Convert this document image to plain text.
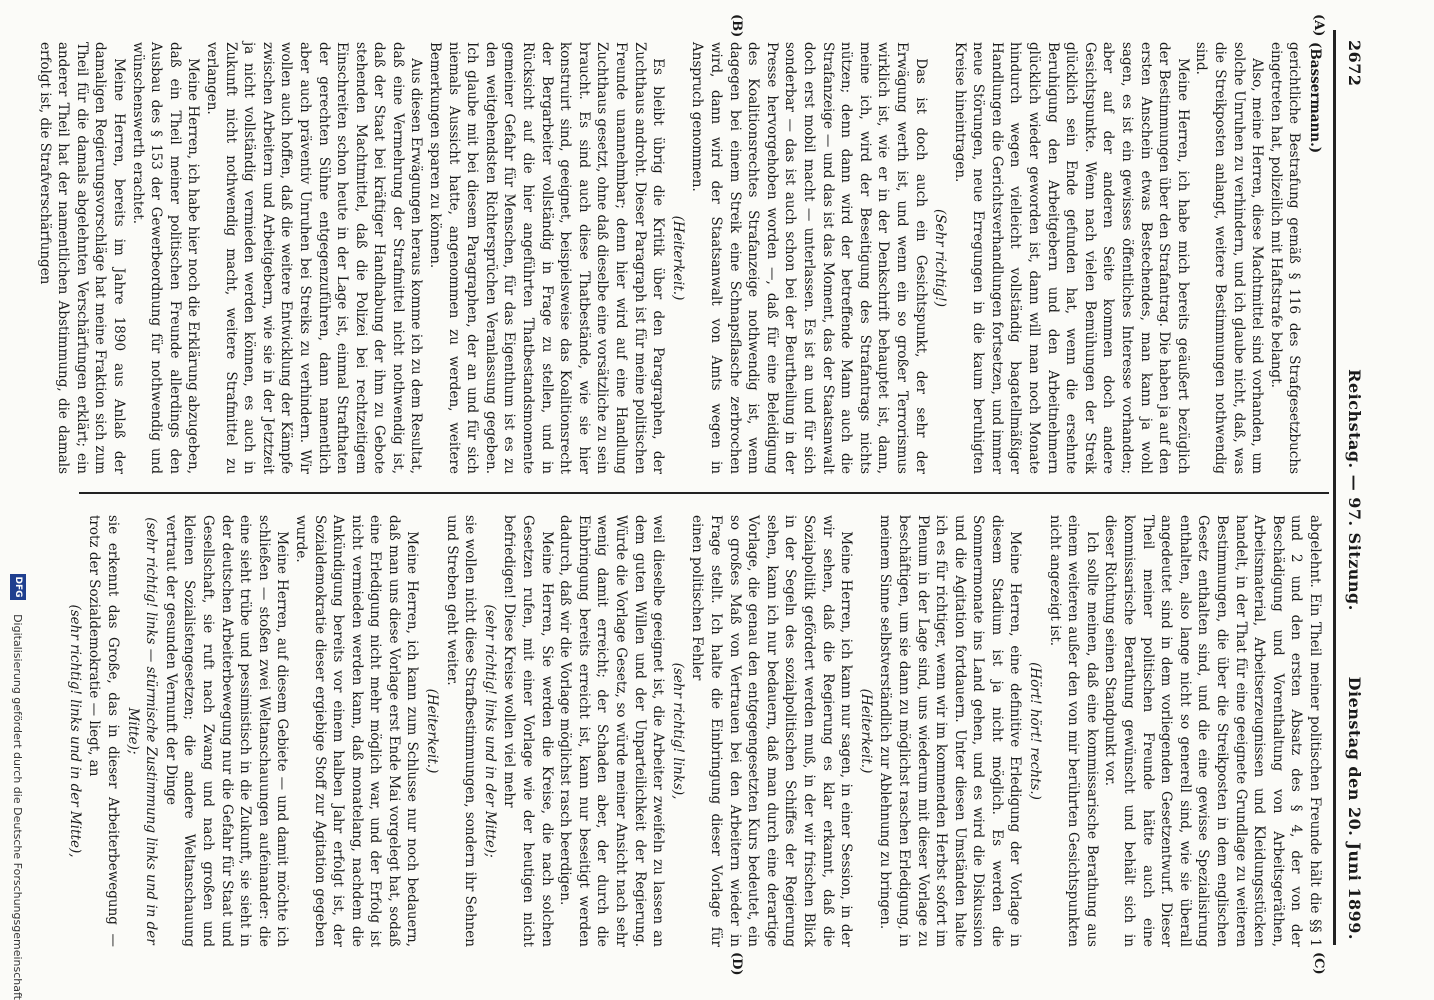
2672
Reichstag. — 97. Sitzung.
Dienstag den 20. Juni 1899.
(A)
(B)
(C)
(D)

(Bassermann.)

gerichtliche Bestrafung gemäß § 116 des Strafgesetzbuchs eingetreten hat, polizeilich mit Haftstrafe belangt.

Also, meine Herren, diese Machtmittel sind vorhanden, um solche Unruhen zu verhindern, und ich glaube nicht, daß, was die Streikposten anlangt, weitere Bestimmungen nothwendig sind.

Meine Herren, ich habe mich bereits geäußert bezüglich der Bestimmungen über den Strafantrag. Die haben ja auf den ersten Anschein etwas Bestechendes, man kann ja wohl sagen, es ist ein gewisses öffentliches Interesse vorhanden; aber auf der anderen Seite kommen doch andere Gesichtspunkte. Wenn nach vielen Bemühungen der Streik glücklich sein Ende gefunden hat, wenn die ersehnte Beruhigung den Arbeitgebern und den Arbeitnehmern glücklich wieder geworden ist, dann will man noch Monate hindurch wegen vielleicht vollständig bagatellmäßiger Handlungen die Gerichtsverhandlungen fortsetzen, und immer neue Störungen, neue Erregungen in die kaum beruhigten Kreise hineintragen.

(Sehr richtig!)

Das ist doch auch ein Gesichtspunkt, der sehr der Erwägung werth ist, und wenn ein so großer Terrorismus wirklich ist, wie er in der Denkschrift behauptet ist, dann, meine ich, wird der Beseitigung des Strafantrags nichts nützen; denn dann wird der betreffende Mann auch die Strafanzeige — und das ist das Moment, das der Staatsanwalt doch erst mobil macht — unterlassen. Es ist an und für sich sonderbar — das ist auch schon bei der Beurtheilung in der Presse hervorgehoben worden —, daß für eine Beleidigung des Koalitionsrechtes Strafanzeige nothwendig ist, wenn dagegen bei einem Streik eine Schnapsflasche zerbrochen wird, dann wird der Staatsanwalt von Amts wegen in Anspruch genommen.

(Heiterkeit.)

Es bleibt übrig die Kritik über den Paragraphen, der Zuchthaus androht. Dieser Paragraph ist für meine politischen Freunde unannehmbar; denn hier wird auf eine Handlung Zuchthaus gesetzt, ohne daß dieselbe eine vorsätzliche zu sein braucht. Es sind auch diese Thatbestände, wie sie hier konstruirt sind, geeignet, beispielsweise das Koalitionsrecht der Bergarbeiter vollständig in Frage zu stellen, und in Rücksicht auf die hier angeführten Thatbestandsmomente gemeiner Gefahr für Menschen, für das Eigenthum ist es zu den weitgehendsten Richtersprüchen Veranlassung gegeben. Ich glaube mit bei diesem Paragraphen, der an und für sich niemals Aussicht hatte, angenommen zu werden, weitere Bemerkungen sparen zu können.

Aus diesen Erwägungen heraus komme ich zu dem Resultat, daß eine Vermehrung der Strafmittel nicht nothwendig ist, daß der Staat bei kräftiger Handhabung der ihm zu Gebote stehenden Machtmittel, daß die Polizei bei rechtzeitigem Einschreiten schon heute in der Lage ist, einmal Strafthaten der gerechten Sühne entgegenzuführen, dann namentlich aber auch präventiv Unruhen bei Streiks zu verhindern. Wir wollen auch hoffen, daß die weitere Entwicklung der Kämpfe zwischen Arbeitern und Arbeitgebern, wie sie in der Jetztzeit ja nicht vollständig vermieden werden können, es auch in Zukunft nicht nothwendig macht, weitere Strafmittel zu verlangen.

Meine Herren, ich habe hier noch die Erklärung abzugeben, daß ein Theil meiner politischen Freunde allerdings den Ausbau des § 153 der Gewerbeordnung für nothwendig und wünschenswerth erachtet.

Meine Herren, bereits im Jahre 1890 aus Anlaß der damaligen Regierungsvorschläge hat meine Fraktion sich zum Theil für die damals abgelehnten Verschärfungen erklärt; ein anderer Theil hat der namentlichen Abstimmung, die damals erfolgt ist, die Strafverschärfungen

abgelehnt. Ein Theil meiner politischen Freunde hält die §§ 1 und 2 und den ersten Absatz des § 4, der von der Beschädigung und Vorenthaltung von Arbeitsgeräthen, Arbeitsmaterial, Arbeitserzeugnissen und Kleidungsstücken handelt, in der That für eine geeignete Grundlage zu weiteren Bestimmungen, die über die Streikposten in dem englischen Gesetz enthalten sind, und die eine gewisse Spezialisirung enthalten, also lange nicht so generell sind, wie sie überall angedeutet sind in dem vorliegenden Gesetzentwurf. Dieser Theil meiner politischen Freunde hätte auch eine kommissarische Berathung gewünscht und behält sich in dieser Richtung seinen Standpunkt vor.

Ich sollte meinen, daß eine kommissarische Berathung aus einem weiteren außer den von mir berührten Gesichtspunkten nicht angezeigt ist.

(Hört! hört! rechts.)

Meine Herren, eine definitive Erledigung der Vorlage in diesem Stadium ist ja nicht möglich. Es werden die Sommermonate ins Land gehen, und es wird die Diskussion und die Agitation fortdauern. Unter diesen Umständen halte ich es für richtiger, wenn wir im kommenden Herbst sofort im Plenum in der Lage sind, uns wiederum mit dieser Vorlage zu beschäftigen, um sie dann zu möglichst raschen Erledigung, in meinem Sinne selbstverständlich zur Ablehnung zu bringen.

(Heiterkeit.)

Meine Herren, ich kann nur sagen, in einer Session, in der wir sehen, daß die Regierung es klar erkannt, daß die Sozialpolitik gefördert werden muß, in der wir frischen Blick in der Segeln des sozialpolitischen Schiffes der Regierung sehen, kann ich nur bedauern, daß man durch eine derartige Vorlage, die genau den entgegengesetzten Kurs bedeutet, ein so großes Maß von Vertrauen bei den Arbeitern wieder in Frage stellt. Ich halte die Einbringung dieser Vorlage für einen politischen Fehler

(sehr richtig! links),

weil dieselbe geeignet ist, die Arbeiter zweifeln zu lassen an dem guten Willen und der Unparteilichkeit der Regierung. Würde die Vorlage Gesetz, so würde meiner Ansicht nach sehr wenig damit erreicht; der Schaden aber, der durch die Einbringung bereits erreicht ist, kann nur beseitigt werden dadurch, daß wir die Vorlage möglichst rasch beerdigen.

Meine Herren, Sie werden die Kreise, die nach solchen Gesetzen rufen, mit einer Vorlage wie der heutigen nicht befriedigen! Diese Kreise wollen viel mehr

(sehr richtig! links und in der Mitte);

sie wollen nicht diese Strafbestimmungen, sondern ihr Sehnen und Streben geht weiter.

(Heiterkeit.)

Meine Herren, ich kann zum Schlusse nur noch bedauern, daß man uns diese Vorlage erst Ende Mai vorgelegt hat, sodaß eine Erledigung nicht mehr möglich war, und der Erfolg ist nicht vermieden werden kann, daß monatelang, nachdem die Ankündigung bereits vor einem halben Jahr erfolgt ist, der Sozialdemokratie dieser ergiebige Stoff zur Agitation gegeben wurde.

Meine Herren, auf diesem Gebiete — und damit möchte ich schließen — stoßen zwei Weltanschauungen aufeinander: die eine sieht trübe und pessimistisch in die Zukunft, sie sieht in der deutschen Arbeiterbewegung nur die Gefahr für Staat und Gesellschaft, sie ruft nach Zwang und nach großen und kleinen Sozialistengesetzen; die andere Weltanschauung vertraut der gesunden Vernunft der Dinge

(sehr richtig! links — stürmische Zustimmung links und in der Mitte);

sie erkennt das Große, das in dieser Arbeiterbewegung — trotz der Sozialdemokratie — liegt, an

(sehr richtig! links und in der Mitte),

DFG
Digitalisierung gefördert durch die Deutsche Forschungsgemeinschaft
